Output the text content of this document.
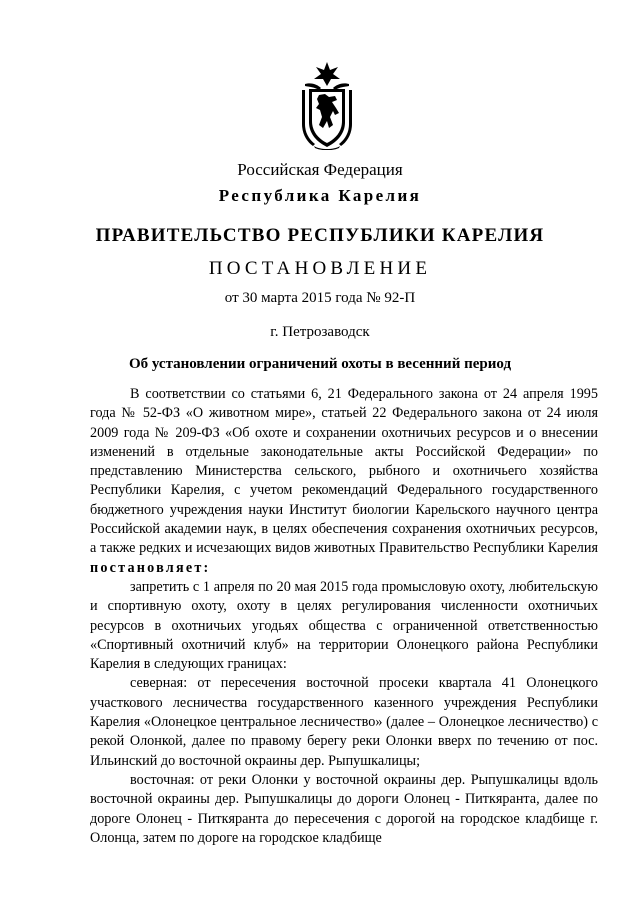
Российская Федерация
Республика Карелия
ПРАВИТЕЛЬСТВО РЕСПУБЛИКИ КАРЕЛИЯ
ПОСТАНОВЛЕНИЕ
от 30 марта 2015 года № 92-П
г. Петрозаводск
Об установлении ограничений охоты в весенний период

В соответствии со статьями 6, 21 Федерального закона от 24 апреля 1995 года № 52-ФЗ «О животном мире», статьей 22 Федерального закона от 24 июля 2009 года № 209-ФЗ «Об охоте и сохранении охотничьих ресурсов и о внесении изменений в отдельные законодательные акты Российской Федерации» по представлению Министерства сельского, рыбного и охотничьего хозяйства Республики Карелия, с учетом рекомендаций Федерального государственного бюджетного учреждения науки Институт биологии Карельского научного центра Российской академии наук, в целях обеспечения сохранения охотничьих ресурсов, а также редких и исчезающих видов животных Правительство Республики Карелия постановляет:

запретить с 1 апреля по 20 мая 2015 года промысловую охоту, любительскую и спортивную охоту, охоту в целях регулирования численности охотничьих ресурсов в охотничьих угодьях общества с ограниченной ответственностью «Спортивный охотничий клуб» на территории Олонецкого района Республики Карелия в следующих границах:

северная: от пересечения восточной просеки квартала 41 Олонецкого участкового лесничества государственного казенного учреждения Республики Карелия «Олонецкое центральное лесничество» (далее – Олонецкое лесничество) с рекой Олонкой, далее по правому берегу реки Олонки вверх по течению от пос. Ильинский до восточной окраины дер. Рыпушкалицы;

восточная: от реки Олонки у восточной окраины дер. Рыпушкалицы вдоль восточной окраины дер. Рыпушкалицы до дороги Олонец - Питкяранта, далее по дороге Олонец - Питкяранта до пересечения с дорогой на городское кладбище г. Олонца, затем по дороге на городское кладбище
